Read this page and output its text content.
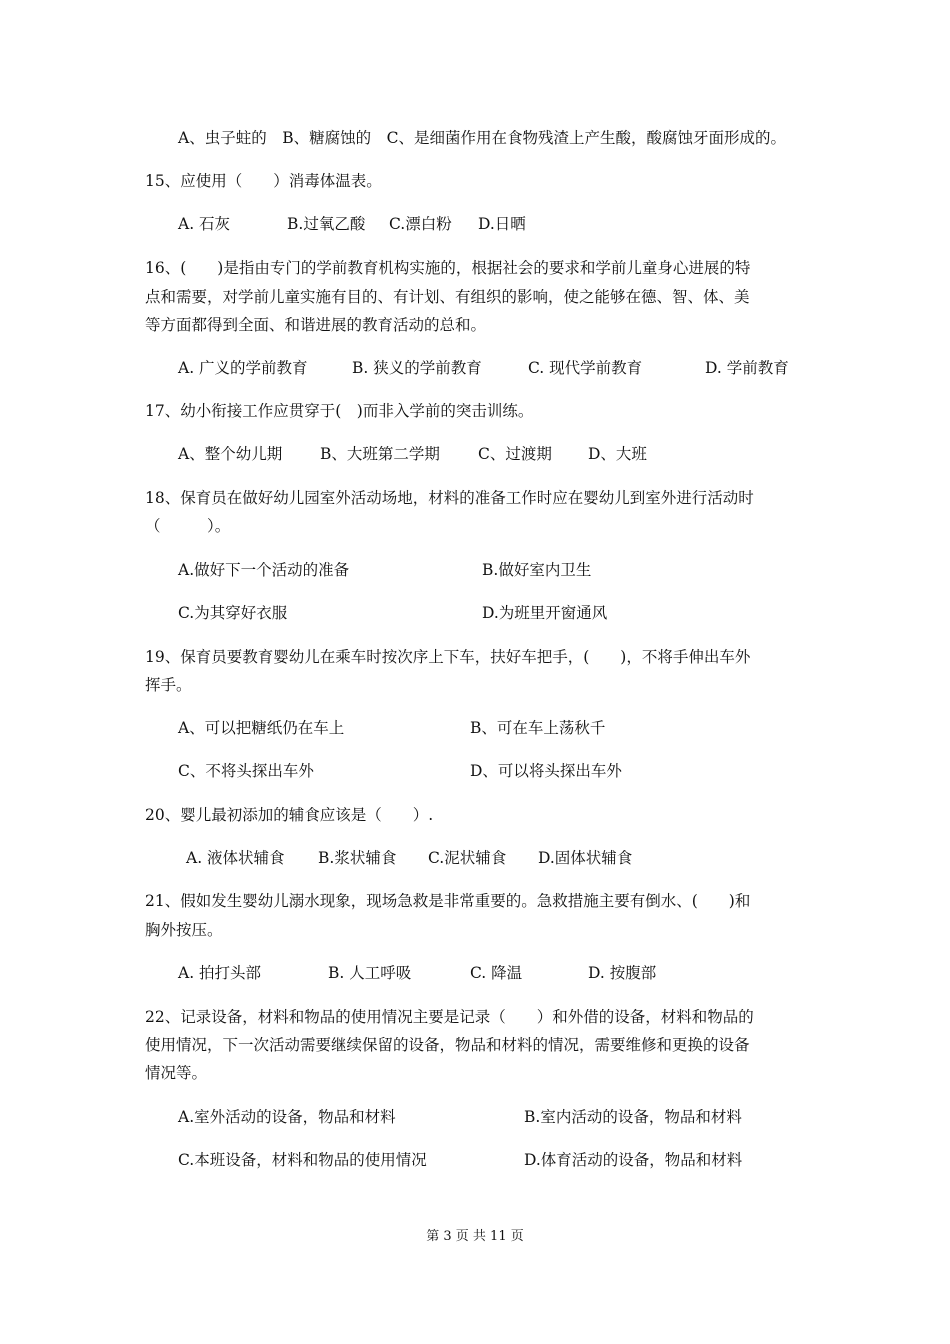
A、虫子蛀的　B、糖腐蚀的　C、是细菌作用在食物残渣上产生酸，酸腐蚀牙面形成的。
15、应使用（　　）消毒体温表。
A. 石灰	B.过氧乙酸 C.漂白粉 D.日晒
16、(　　)是指由专门的学前教育机构实施的，根据社会的要求和学前儿童身心进展的特
点和需要，对学前儿童实施有目的、有计划、有组织的影响，使之能够在德、智、体、美
等方面都得到全面、和谐进展的教育活动的总和。
A. 广义的学前教育	B. 狭义的学前教育	C. 现代学前教育	D. 学前教育
17、幼小衔接工作应贯穿于(　)而非入学前的突击训练。
A、整个幼儿期 B、大班第二学期 C、过渡期 D、大班
18、保育员在做好幼儿园室外活动场地，材料的准备工作时应在婴幼儿到室外进行活动时
（　　　）。
A.做好下一个活动的准备	B.做好室内卫生
C.为其穿好衣服	D.为班里开窗通风
19、保育员要教育婴幼儿在乘车时按次序上下车，扶好车把手，(　　)，不将手伸出车外
挥手。
A、可以把糖纸仍在车上	B、可在车上荡秋千
C、不将头探出车外	D、可以将头探出车外
20、婴儿最初添加的辅食应该是（　　）.
A. 液体状辅食 B.浆状辅食 C.泥状辅食 D.固体状辅食
21、假如发生婴幼儿溺水现象，现场急救是非常重要的。急救措施主要有倒水、(　　)和
胸外按压。
A. 拍打头部	B. 人工呼吸	C. 降温	D. 按腹部
22、记录设备，材料和物品的使用情况主要是记录（　　）和外借的设备，材料和物品的
使用情况，下一次活动需要继续保留的设备，物品和材料的情况，需要维修和更换的设备
情况等。
A.室外活动的设备，物品和材料	B.室内活动的设备，物品和材料
C.本班设备，材料和物品的使用情况	D.体育活动的设备，物品和材料
第 3 页 共 11 页
